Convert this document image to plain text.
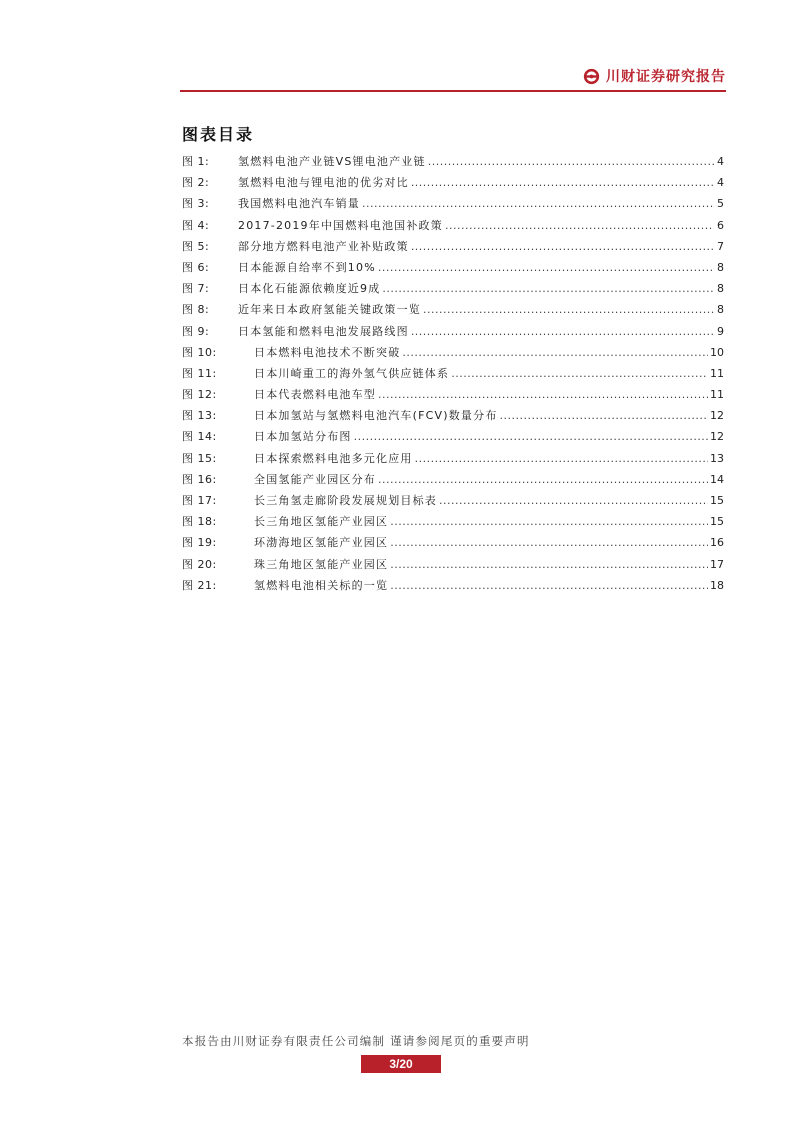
川财证券研究报告
图表目录
图 1:	氢燃料电池产业链VS锂电池产业链 .....	4
图 2:	氢燃料电池与锂电池的优劣对比 .....	4
图 3:	我国燃料电池汽车销量 .....	5
图 4:	2017-2019年中国燃料电池国补政策 .....	6
图 5:	部分地方燃料电池产业补贴政策 .....	7
图 6:	日本能源自给率不到10% .....	8
图 7:	日本化石能源依赖度近9成 .....	8
图 8:	近年来日本政府氢能关键政策一览 .....	8
图 9:	日本氢能和燃料电池发展路线图 .....	9
图 10:	日本燃料电池技术不断突破 .....	10
图 11:	日本川崎重工的海外氢气供应链体系 .....	11
图 12:	日本代表燃料电池车型 .....	11
图 13:	日本加氢站与氢燃料电池汽车(FCV)数量分布 .....	12
图 14:	日本加氢站分布图 .....	12
图 15:	日本探索燃料电池多元化应用 .....	13
图 16:	全国氢能产业园区分布 .....	14
图 17:	长三角氢走廊阶段发展规划目标表 .....	15
图 18:	长三角地区氢能产业园区 .....	15
图 19:	环渤海地区氢能产业园区 .....	16
图 20:	珠三角地区氢能产业园区 .....	17
图 21:	氢燃料电池相关标的一览 .....	18
本报告由川财证券有限责任公司编制 谨请参阅尾页的重要声明
3/20
